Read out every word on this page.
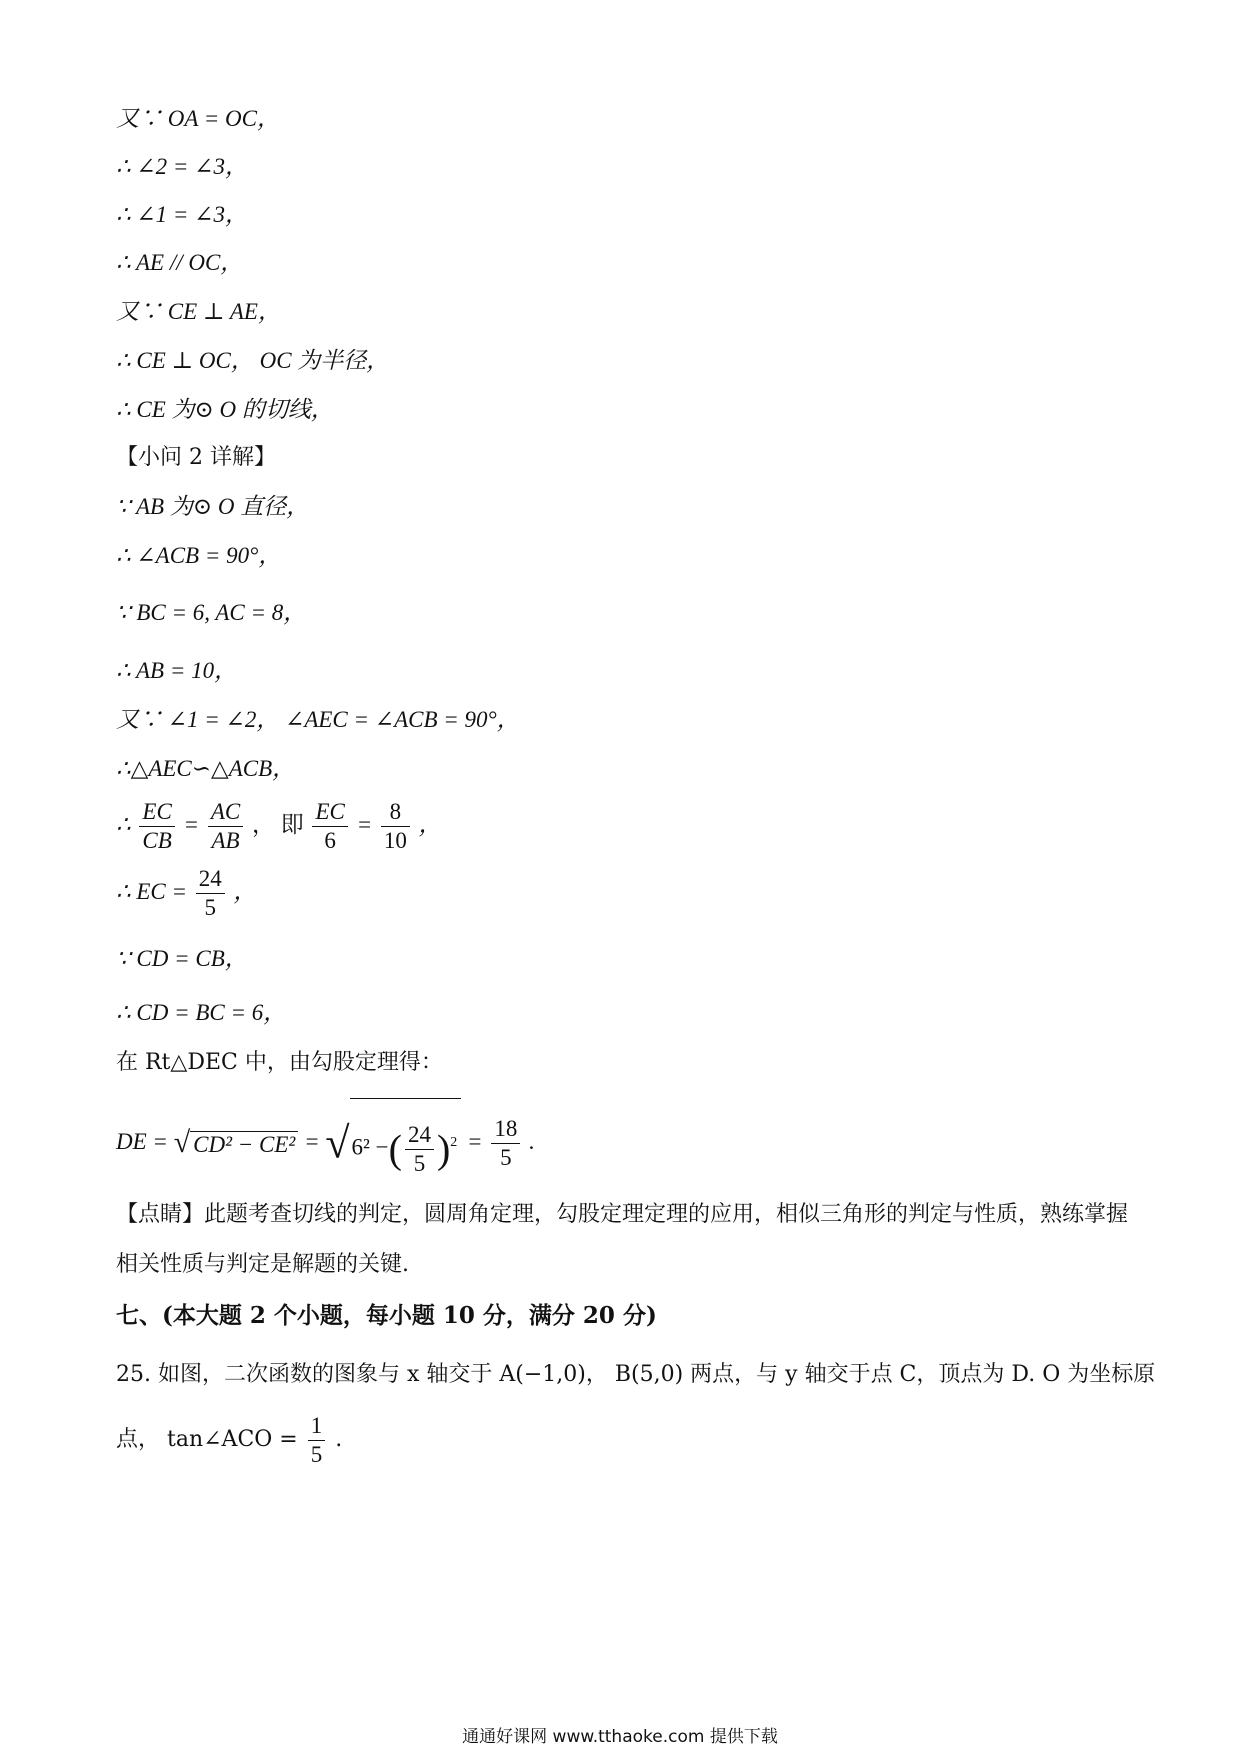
又∵ OA = OC，
∴ ∠2 = ∠3，
∴ ∠1 = ∠3，
∴ AE // OC，
又∵ CE ⊥ AE，
∴ CE ⊥ OC， OC 为半径，
∴ CE 为⊙ O 的切线，
【小问 2 详解】
∵ AB 为⊙ O 直径，
∴ ∠ACB = 90°，
∵ BC = 6, AC = 8，
∴ AB = 10，
又∵ ∠1 = ∠2， ∠AEC = ∠ACB = 90°，
∴△AEC∽△ACB，
∴ $\frac{EC}{CB} = \frac{AC}{AB}$ ， 即 $\frac{EC}{6} = \frac{8}{10}$ ，
∴ EC = $\frac{24}{5}$ ，
∵ CD = CB，
∴ CD = BC = 6，
在 Rt△DEC 中，由勾股定理得：
DE = √ CD² − CE² = √6² −( $\frac{24}{5} )^2 = \frac{18}{5}$ .
【点睛】此题考查切线的判定，圆周角定理，勾股定理定理的应用，相似三角形的判定与性质，熟练掌握
相关性质与判定是解题的关键.
七、(本大题 2 个小题，每小题 10 分，满分 20 分)
25. 如图，二次函数的图象与 x 轴交于 A(−1,0)， B(5,0) 两点，与 y 轴交于点 C，顶点为 D. O 为坐标原
点， tan∠ACO = $\frac{1}{5}$ .
通通好课网 www.tthaoke.com 提供下载
